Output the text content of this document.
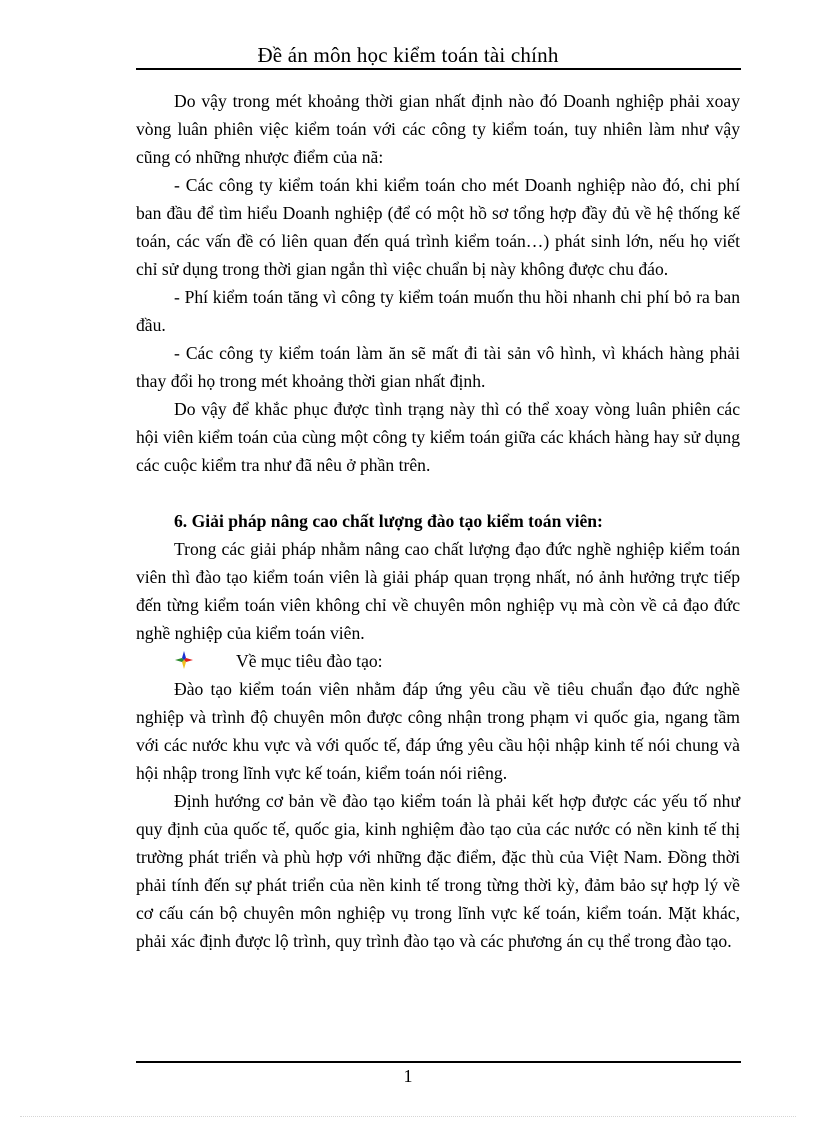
Đề án môn học kiểm toán tài chính

Do vậy trong mét khoảng thời gian nhất định nào đó Doanh nghiệp phải xoay vòng luân phiên việc kiểm toán với các công ty kiểm toán, tuy nhiên làm như vậy cũng có những nhược điểm của nã:

- Các công ty kiểm toán khi kiểm toán cho mét Doanh nghiệp nào đó, chi phí ban đầu để tìm hiểu Doanh nghiệp (để có một hồ sơ tổng hợp đầy đủ về hệ thống kế toán, các vấn đề có liên quan đến quá trình kiểm toán…) phát sinh lớn, nếu họ viết chỉ sử dụng trong thời gian ngắn thì việc chuẩn bị này không được chu đáo.

- Phí kiểm toán tăng vì công ty kiểm toán muốn thu hồi nhanh chi phí bỏ ra ban đầu.

- Các công ty kiểm toán làm ăn sẽ mất đi tài sản vô hình, vì khách hàng phải thay đổi họ trong mét khoảng thời gian nhất định.

Do vậy để khắc phục được tình trạng này thì có thể xoay vòng luân phiên các hội viên kiểm toán của cùng một công ty kiểm toán giữa các khách hàng hay sử dụng các cuộc kiểm tra như đã nêu ở phần trên.

6. Giải pháp nâng cao chất lượng đào tạo kiểm toán viên:

Trong các giải pháp nhằm nâng cao chất lượng đạo đức nghề nghiệp kiểm toán viên thì đào tạo kiểm toán viên là giải pháp quan trọng nhất, nó ảnh hưởng trực tiếp đến từng kiểm toán viên không chỉ về chuyên môn nghiệp vụ mà còn về cả đạo đức nghề nghiệp của kiểm toán viên.

Về mục tiêu đào tạo:

Đào tạo kiểm toán viên nhằm đáp ứng yêu cầu về tiêu chuẩn đạo đức nghề nghiệp và trình độ chuyên môn được công nhận trong phạm vi quốc gia, ngang tầm với các nước khu vực và với quốc tế, đáp ứng yêu cầu hội nhập kinh tế nói chung và hội nhập trong lĩnh vực kế toán, kiểm toán nói riêng.

Định hướng cơ bản về đào tạo kiểm toán là phải kết hợp được các yếu tố như quy định của quốc tế, quốc gia, kinh nghiệm đào tạo của các nước có nền kinh tế thị trường phát triển và phù hợp với những đặc điểm, đặc thù của Việt Nam. Đồng thời phải tính đến sự phát triển của nền kinh tế trong từng thời kỳ, đảm bảo sự hợp lý về cơ cấu cán bộ chuyên môn nghiệp vụ trong lĩnh vực kế toán, kiểm toán. Mặt khác, phải xác định được lộ trình, quy trình đào tạo và các phương án cụ thể trong đào tạo.

1
